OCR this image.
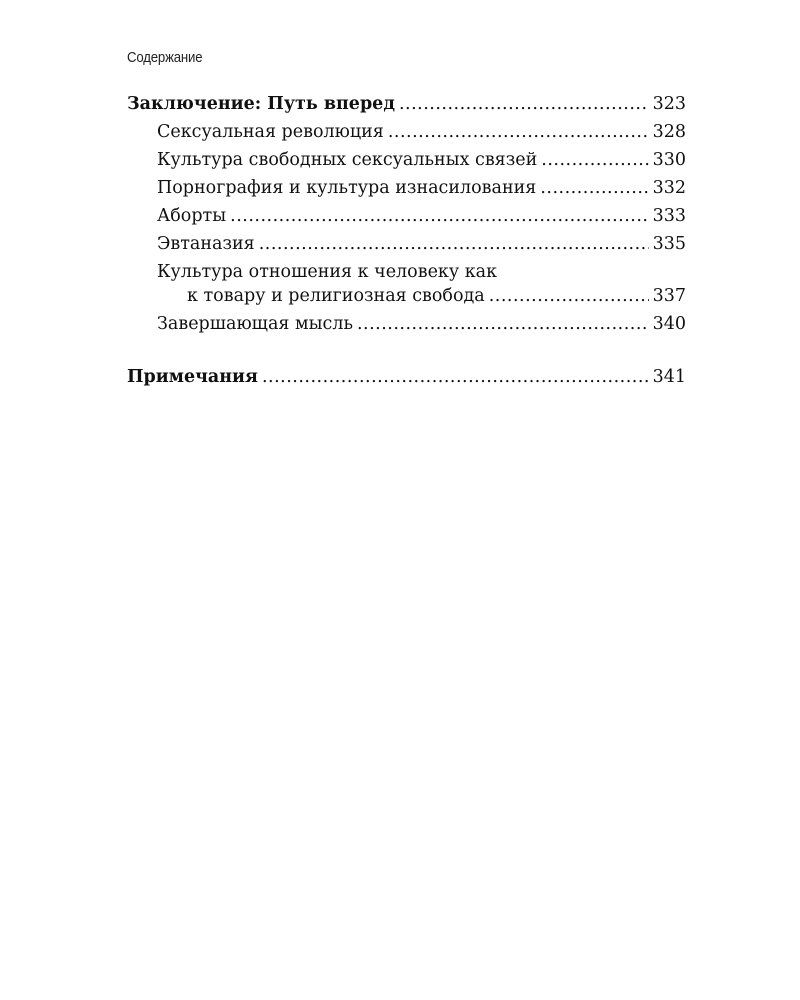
Содержание
Заключение: Путь вперед .....	323
Сексуальная революция .....	328
Культура свободных сексуальных связей .....	330
Порнография и культура изнасилования .....	332
Аборты .....	333
Эвтаназия .....	335
Культура отношения к человеку как
к товару и религиозная свобода .....	337
Завершающая мысль .....	340
Примечания .....	341
